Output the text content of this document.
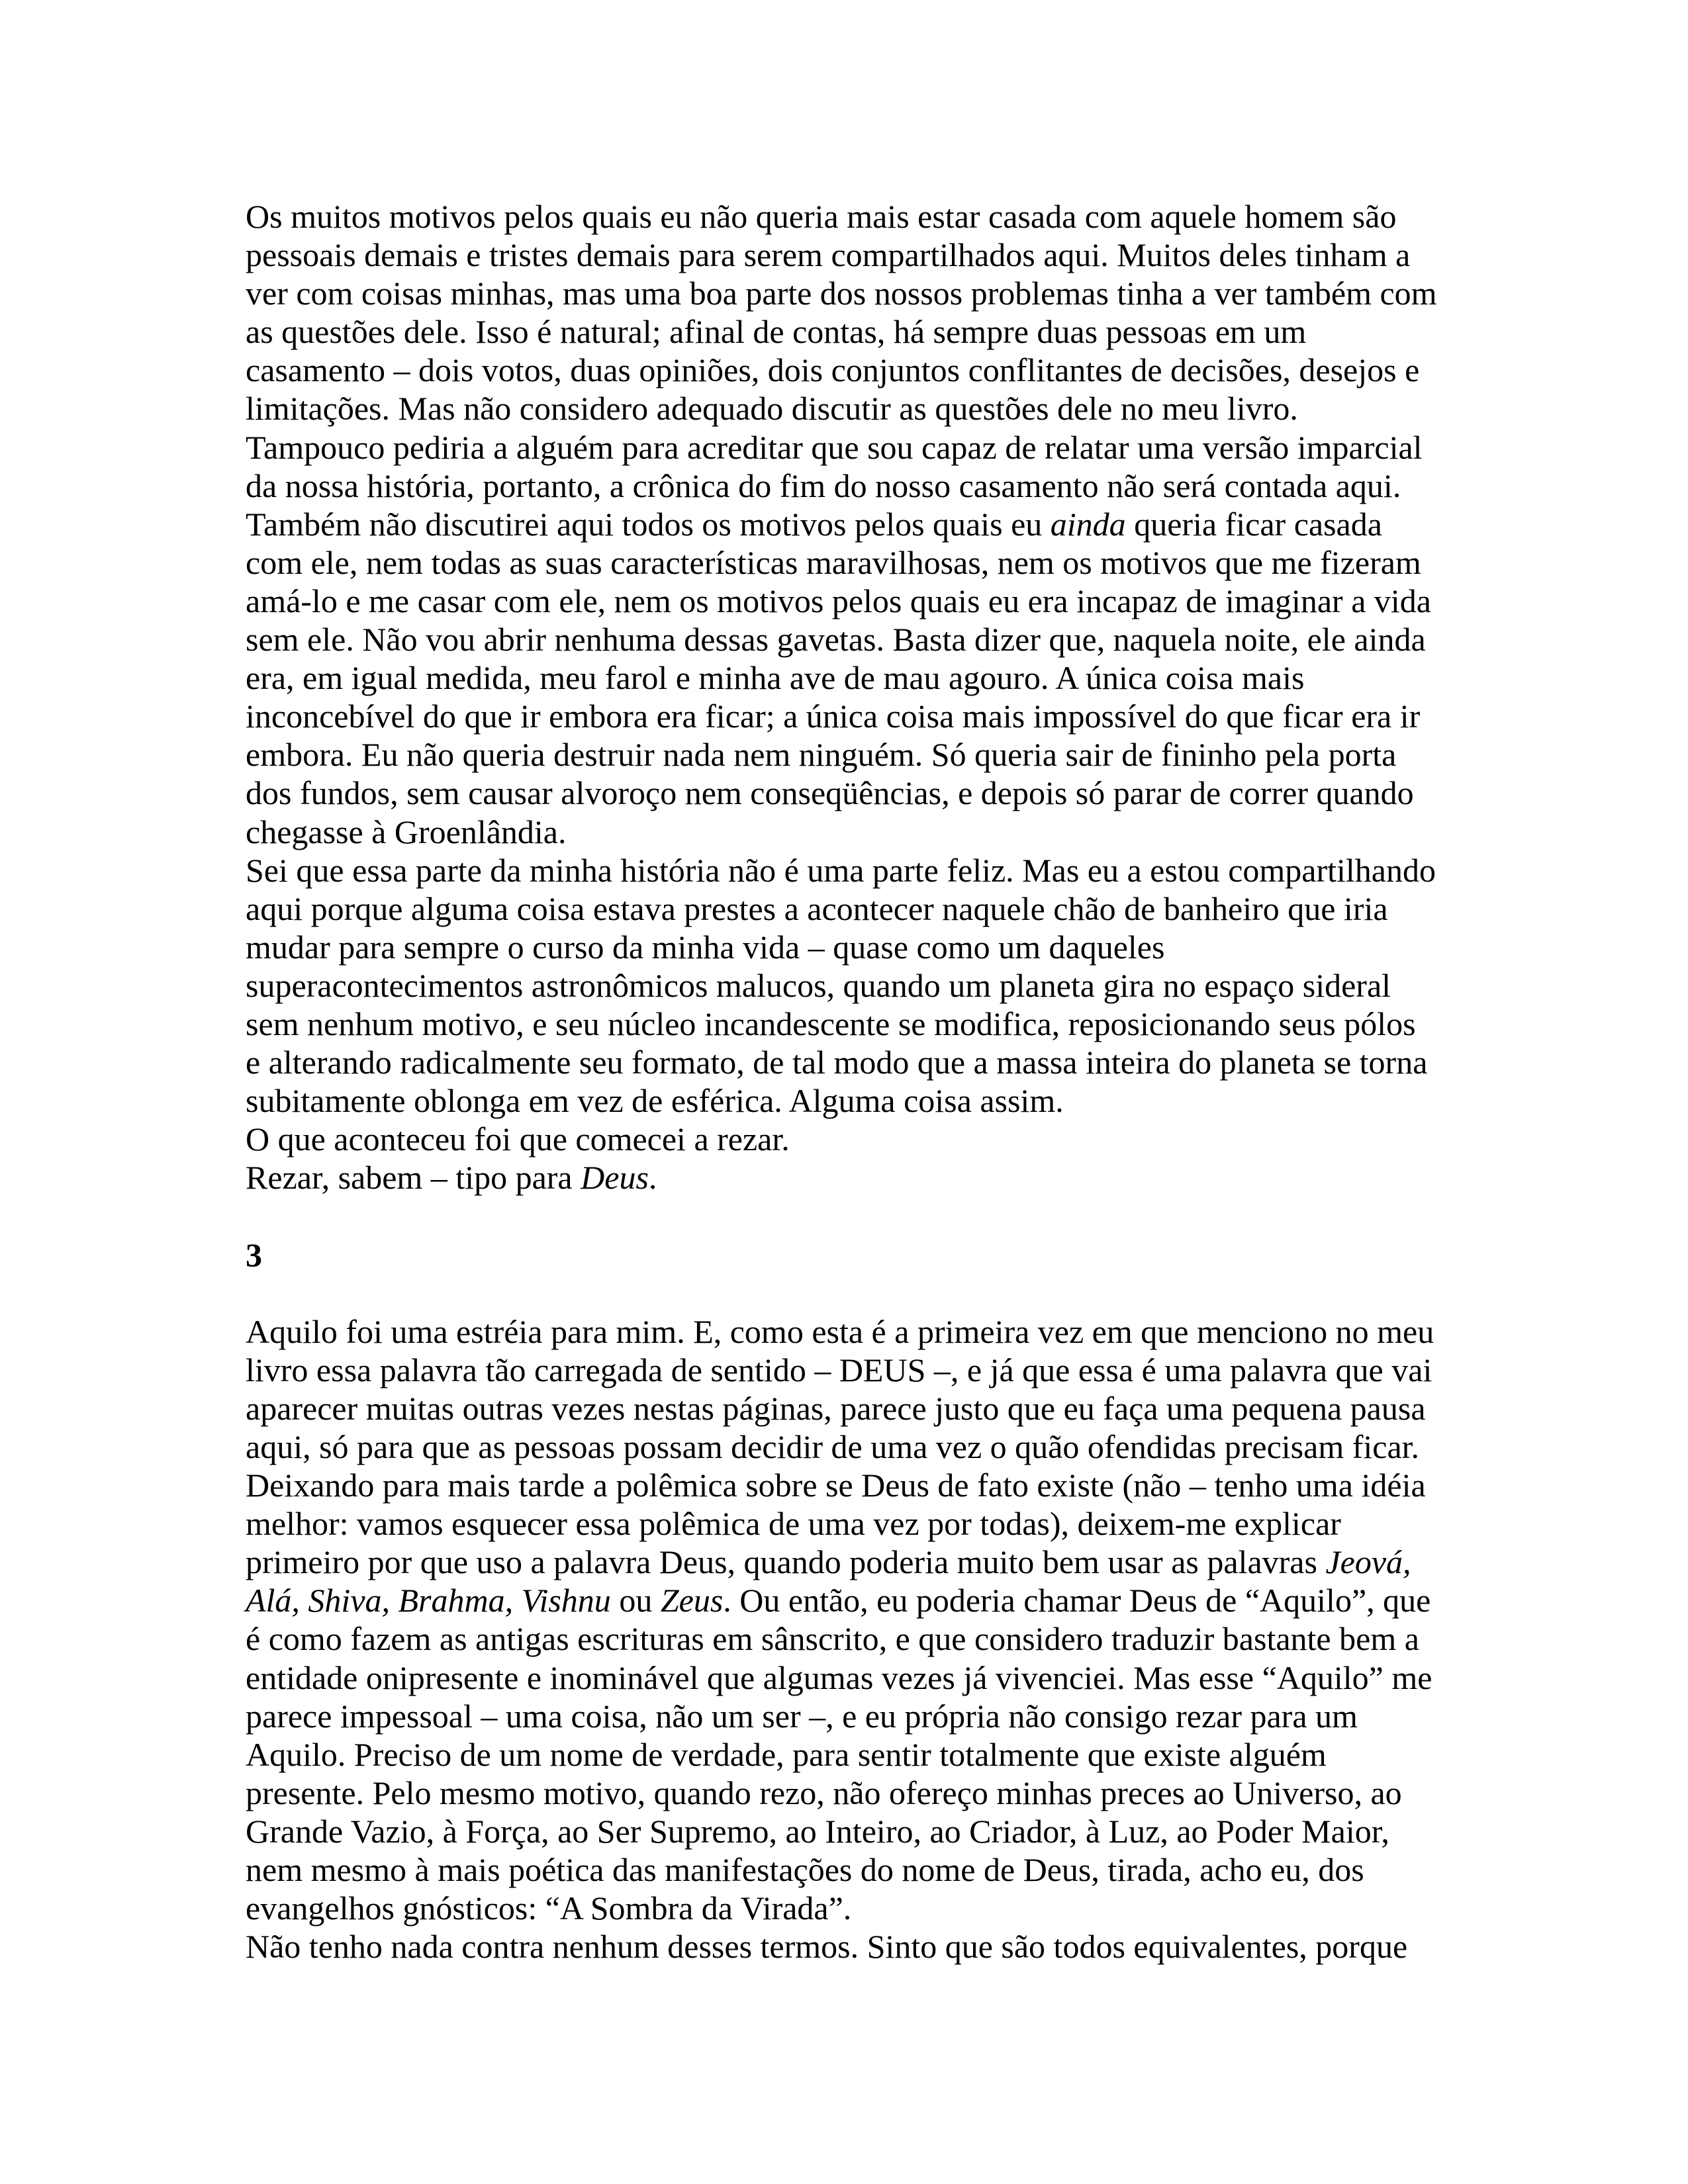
Os muitos motivos pelos quais eu não queria mais estar casada com aquele homem são
pessoais demais e tristes demais para serem compartilhados aqui. Muitos deles tinham a
ver com coisas minhas, mas uma boa parte dos nossos problemas tinha a ver também com
as questões dele. Isso é natural; afinal de contas, há sempre duas pessoas em um
casamento – dois votos, duas opiniões, dois conjuntos conflitantes de decisões, desejos e
limitações. Mas não considero adequado discutir as questões dele no meu livro.
Tampouco pediria a alguém para acreditar que sou capaz de relatar uma versão imparcial
da nossa história, portanto, a crônica do fim do nosso casamento não será contada aqui.
Também não discutirei aqui todos os motivos pelos quais eu ainda queria ficar casada
com ele, nem todas as suas características maravilhosas, nem os motivos que me fizeram
amá-lo e me casar com ele, nem os motivos pelos quais eu era incapaz de imaginar a vida
sem ele. Não vou abrir nenhuma dessas gavetas. Basta dizer que, naquela noite, ele ainda
era, em igual medida, meu farol e minha ave de mau agouro. A única coisa mais
inconcebível do que ir embora era ficar; a única coisa mais impossível do que ficar era ir
embora. Eu não queria destruir nada nem ninguém. Só queria sair de fininho pela porta
dos fundos, sem causar alvoroço nem conseqüências, e depois só parar de correr quando
chegasse à Groenlândia.
Sei que essa parte da minha história não é uma parte feliz. Mas eu a estou compartilhando
aqui porque alguma coisa estava prestes a acontecer naquele chão de banheiro que iria
mudar para sempre o curso da minha vida – quase como um daqueles
superacontecimentos astronômicos malucos, quando um planeta gira no espaço sideral
sem nenhum motivo, e seu núcleo incandescente se modifica, reposicionando seus pólos
e alterando radicalmente seu formato, de tal modo que a massa inteira do planeta se torna
subitamente oblonga em vez de esférica. Alguma coisa assim.
O que aconteceu foi que comecei a rezar.
Rezar, sabem – tipo para Deus.
3
Aquilo foi uma estréia para mim. E, como esta é a primeira vez em que menciono no meu
livro essa palavra tão carregada de sentido – DEUS –, e já que essa é uma palavra que vai
aparecer muitas outras vezes nestas páginas, parece justo que eu faça uma pequena pausa
aqui, só para que as pessoas possam decidir de uma vez o quão ofendidas precisam ficar.
Deixando para mais tarde a polêmica sobre se Deus de fato existe (não – tenho uma idéia
melhor: vamos esquecer essa polêmica de uma vez por todas), deixem-me explicar
primeiro por que uso a palavra Deus, quando poderia muito bem usar as palavras Jeová,
Alá, Shiva, Brahma, Vishnu ou Zeus. Ou então, eu poderia chamar Deus de “Aquilo”, que
é como fazem as antigas escrituras em sânscrito, e que considero traduzir bastante bem a
entidade onipresente e inominável que algumas vezes já vivenciei. Mas esse “Aquilo” me
parece impessoal – uma coisa, não um ser –, e eu própria não consigo rezar para um
Aquilo. Preciso de um nome de verdade, para sentir totalmente que existe alguém
presente. Pelo mesmo motivo, quando rezo, não ofereço minhas preces ao Universo, ao
Grande Vazio, à Força, ao Ser Supremo, ao Inteiro, ao Criador, à Luz, ao Poder Maior,
nem mesmo à mais poética das manifestações do nome de Deus, tirada, acho eu, dos
evangelhos gnósticos: “A Sombra da Virada”.
Não tenho nada contra nenhum desses termos. Sinto que são todos equivalentes, porque
